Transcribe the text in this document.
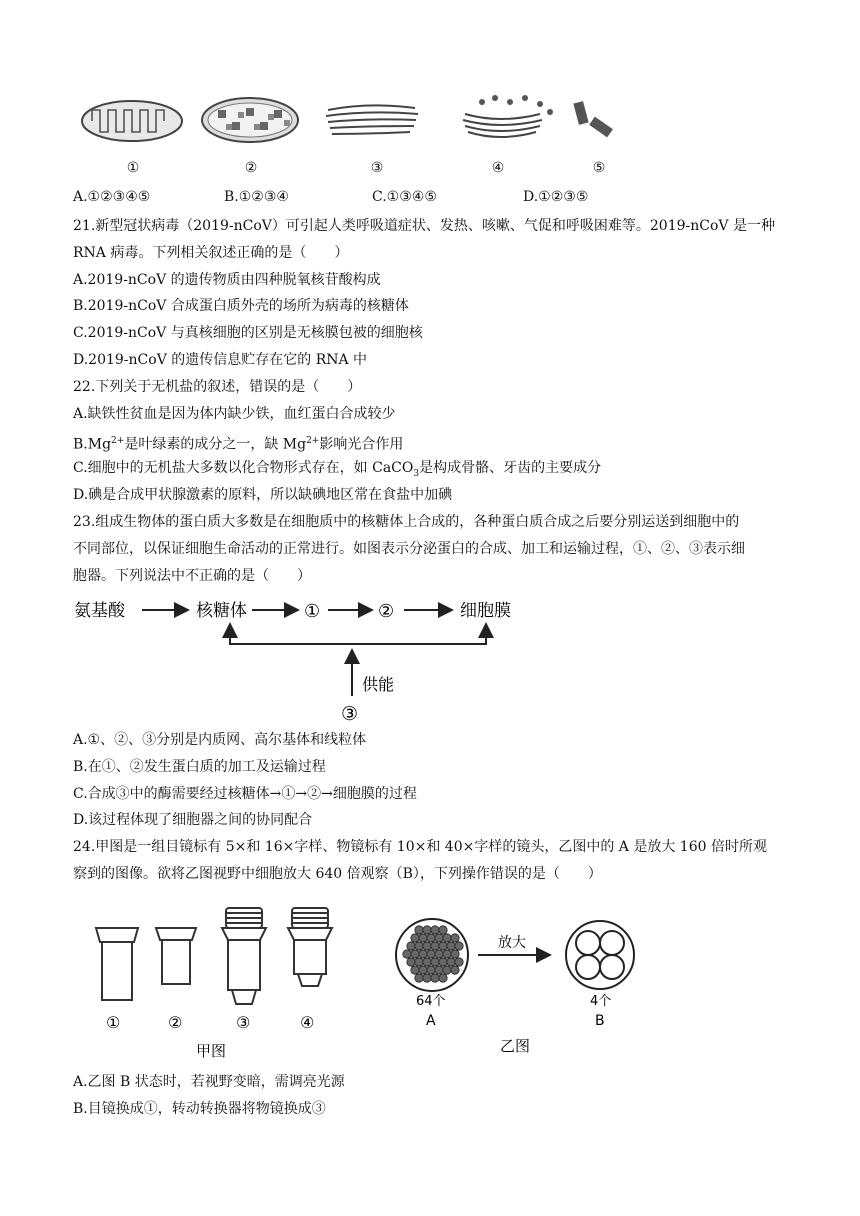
①	②	③	④	⑤
A.①②③④⑤	B.①②③④	C.①③④⑤	D.①②③⑤
21.新型冠状病毒（2019-nCoV）可引起人类呼吸道症状、发热、咳嗽、气促和呼吸困难等。2019-nCoV 是一种
RNA 病毒。下列相关叙述正确的是（　　）
A.2019-nCoV 的遗传物质由四种脱氧核苷酸构成
B.2019-nCoV 合成蛋白质外壳的场所为病毒的核糖体
C.2019-nCoV 与真核细胞的区别是无核膜包被的细胞核
D.2019-nCoV 的遗传信息贮存在它的 RNA 中
22.下列关于无机盐的叙述，错误的是（　　）
A.缺铁性贫血是因为体内缺少铁，血红蛋白合成较少
$B.Mg^{2+}$是叶绿素的成分之一，缺 $Mg^{2+}$影响光合作用
C.细胞中的无机盐大多数以化合物形式存在，如 CaCO$_3$是构成骨骼、牙齿的主要成分
D.碘是合成甲状腺激素的原料，所以缺碘地区常在食盐中加碘
23.组成生物体的蛋白质大多数是在细胞质中的核糖体上合成的，各种蛋白质合成之后要分别运送到细胞中的
不同部位，以保证细胞生命活动的正常进行。如图表示分泌蛋白的合成、加工和运输过程，①、②、③表示细
胞器。下列说法中不正确的是（　　）
氨基酸	核糖体	①	②	细胞膜
供能
③
A.①、②、③分别是内质网、高尔基体和线粒体
B.在①、②发生蛋白质的加工及运输过程
C.合成③中的酶需要经过核糖体→①→②→细胞膜的过程
D.该过程体现了细胞器之间的协同配合
24.甲图是一组目镜标有 5×和 16×字样、物镜标有 10×和 40×字样的镜头，乙图中的 A 是放大 160 倍时所观
察到的图像。欲将乙图视野中细胞放大 640 倍观察（B），下列操作错误的是（　　）
①	②	③	④
甲图
放大
64个	4个
A	B
乙图
A.乙图 B 状态时，若视野变暗，需调亮光源
B.目镜换成①，转动转换器将物镜换成③
